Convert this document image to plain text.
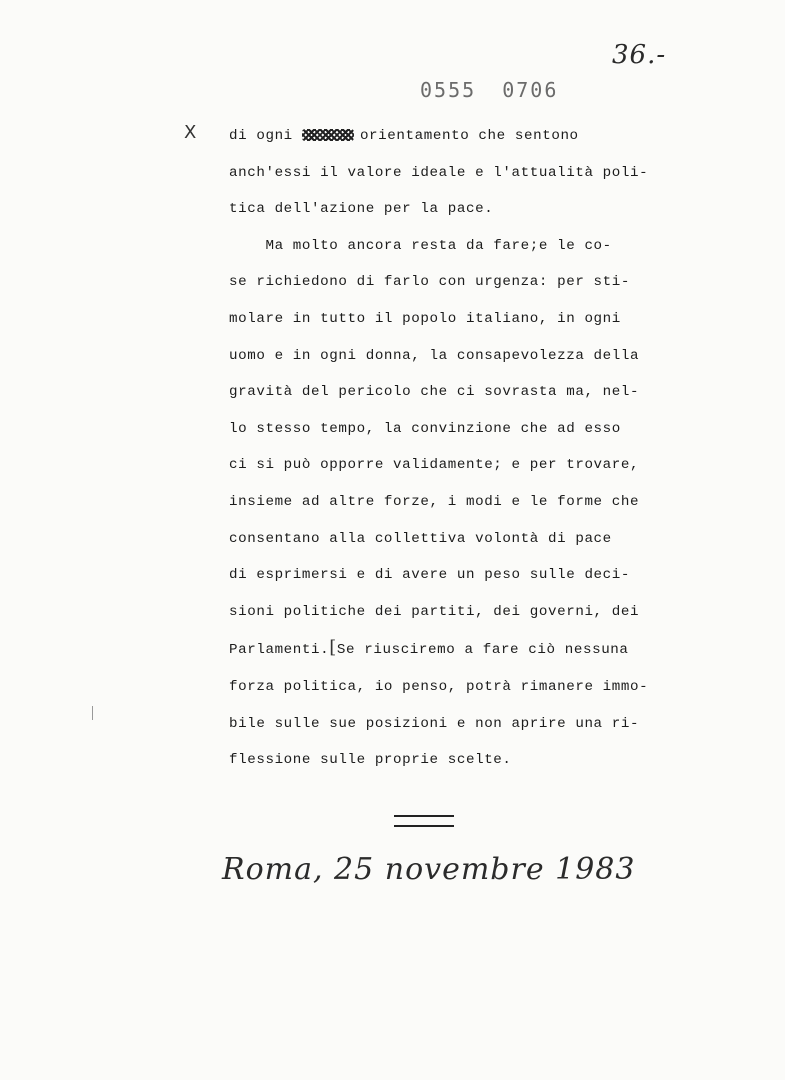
36.-
0555 0706
X di ogni	orientamento che sentono
anch'essi il valore ideale e l'attualità poli-
tica dell'azione per la pace.
Ma molto ancora resta da fare;e le co-
se richiedono di farlo con urgenza: per sti-
molare in tutto il popolo italiano, in ogni
uomo e in ogni donna, la consapevolezza della
gravità del pericolo che ci sovrasta ma, nel-
lo stesso tempo, la convinzione che ad esso
ci si può opporre validamente; e per trovare,
insieme ad altre forze, i modi e le forme che
consentano alla collettiva volontà di pace
di esprimersi e di avere un peso sulle deci-
sioni politiche dei partiti, dei governi, dei
Parlamenti.[Se riusciremo a fare ciò nessuna
forza politica, io penso, potrà rimanere immo-
bile sulle sue posizioni e non aprire una ri-
flessione sulle proprie scelte.
Roma, 25 novembre 1983
